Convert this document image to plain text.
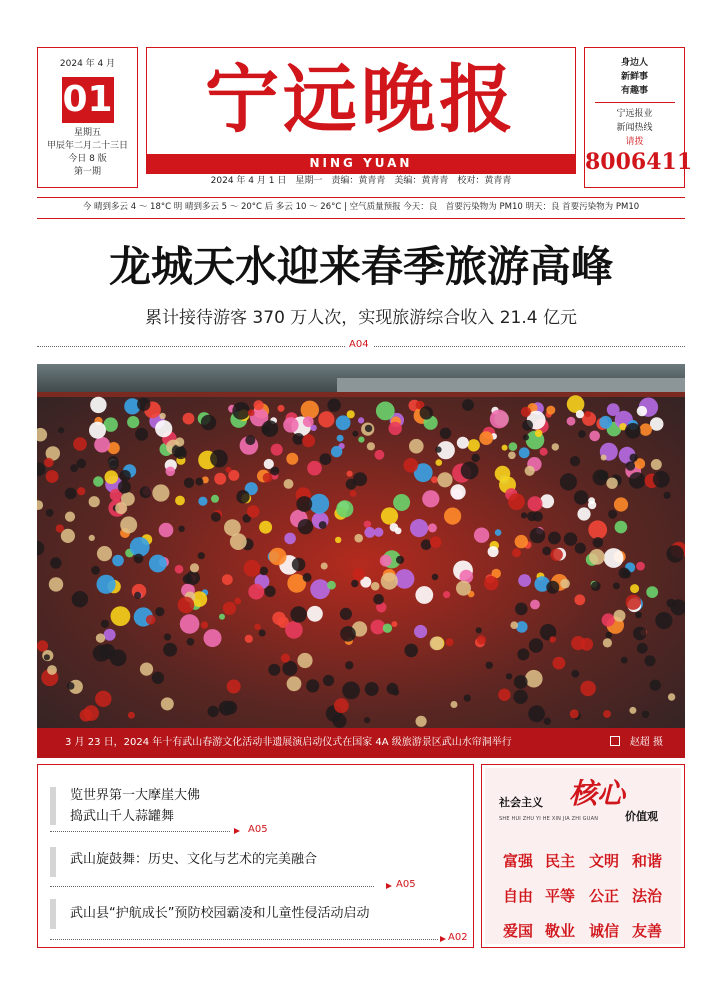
2024 年 4 月
01
星期五
甲辰年二月二十三日
今日 8 版
第一期
宁远晚报
NING YUAN
2024 年 4 月 1 日　星期一　责编：黄青青　美编：黄青青　校对：黄青青
身边人
新鲜事
有趣事
宁远报业
新闻热线
请拨
8006411
今 晴到多云 4 ～ 18°C 明 晴到多云 5 ～ 20°C 后 多云 10 ～ 26°C | 空气质量预报 今天：良　首要污染物为 PM10 明天：良 首要污染物为 PM10
龙城天水迎来春季旅游高峰
累计接待游客 370 万人次，实现旅游综合收入 21.4 亿元
A04
3 月 23 日，2024 年十有武山春游文化活动非遗展演启动仪式在国家 4A 级旅游景区武山水帘洞举行	赵超 摄
览世界第一大摩崖大佛
捣武山千人蒜罐舞
A05
武山旋鼓舞：历史、文化与艺术的完美融合
A05
武山县“护航成长”预防校园霸凌和儿童性侵活动启动
A02
社会主义 核心
价值观
SHE HUI ZHU YI HE XIN JIA ZHI GUAN
富强 民主 文明 和谐
自由 平等 公正 法治
爱国 敬业 诚信 友善
